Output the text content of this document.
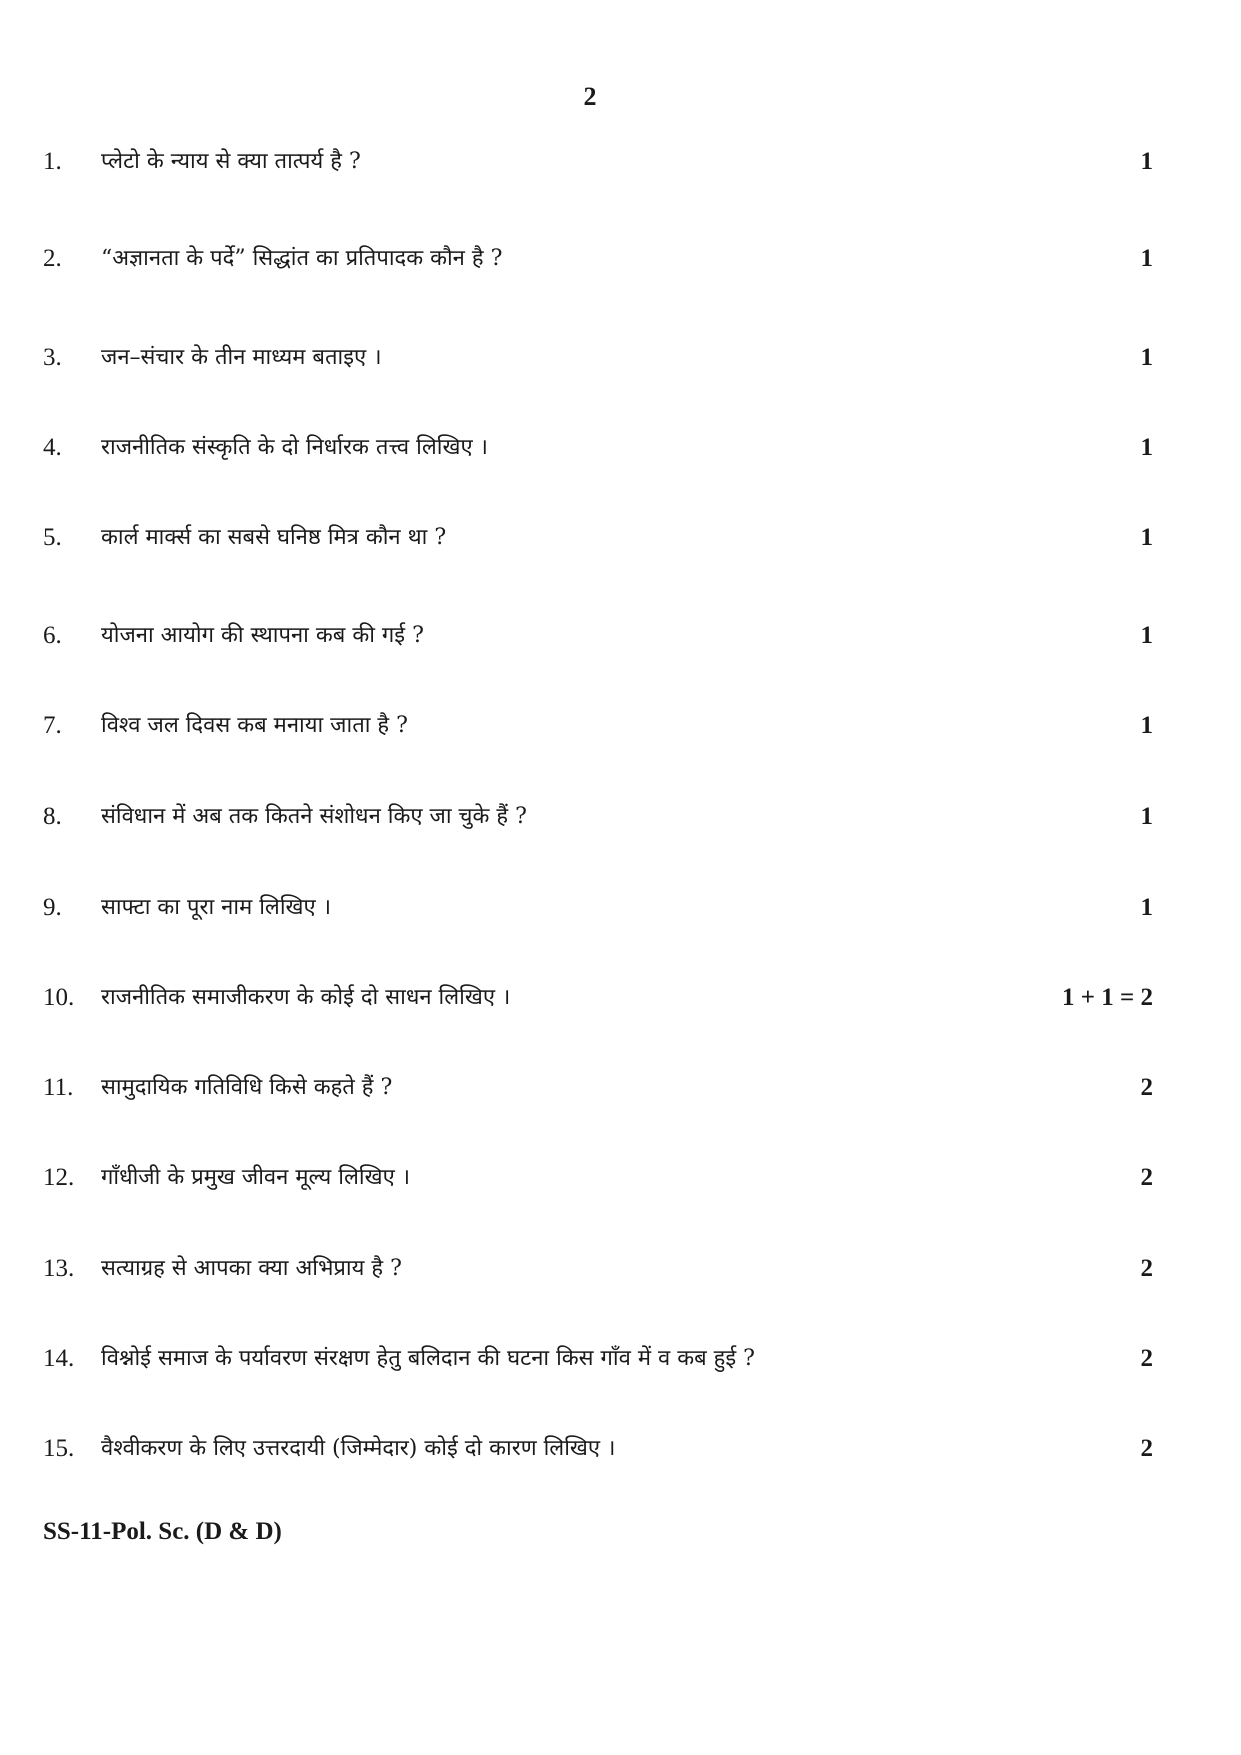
2
1. प्लेटो के न्याय से क्या तात्पर्य है ?	1
2. “अज्ञानता के पर्दे” सिद्धांत का प्रतिपादक कौन है ?	1
3. जन–संचार के तीन माध्यम बताइए ।	1
4. राजनीतिक संस्कृति के दो निर्धारक तत्त्व लिखिए ।	1
5. कार्ल मार्क्स का सबसे घनिष्ठ मित्र कौन था ?	1
6. योजना आयोग की स्थापना कब की गई ?	1
7. विश्व जल दिवस कब मनाया जाता है ?	1
8. संविधान में अब तक कितने संशोधन किए जा चुके हैं ?	1
9. साफ्टा का पूरा नाम लिखिए ।	1
10. राजनीतिक समाजीकरण के कोई दो साधन लिखिए ।	1 + 1 = 2
11. सामुदायिक गतिविधि किसे कहते हैं ?	2
12. गाँधीजी के प्रमुख जीवन मूल्य लिखिए ।	2
13. सत्याग्रह से आपका क्या अभिप्राय है ?	2
14. विश्नोई समाज के पर्यावरण संरक्षण हेतु बलिदान की घटना किस गाँव में व कब हुई ?	2
15. वैश्वीकरण के लिए उत्तरदायी (जिम्मेदार) कोई दो कारण लिखिए ।	2
SS-11-Pol. Sc. (D & D)
